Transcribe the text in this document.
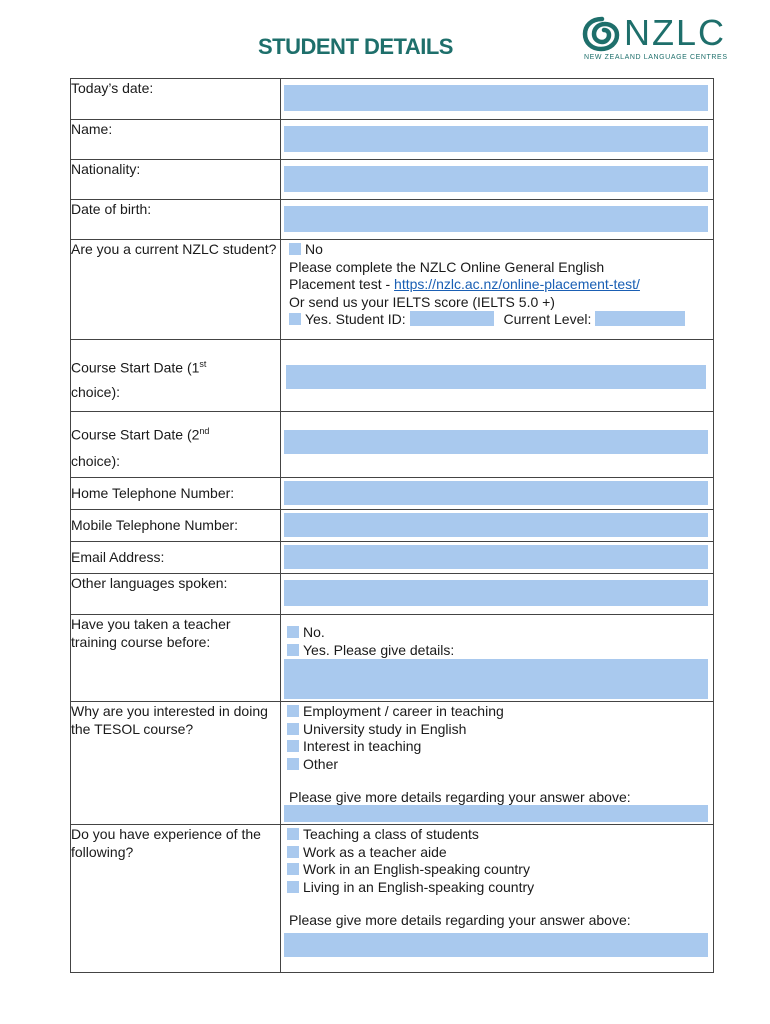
STUDENT DETAILS	NZLC
NEW ZEALAND LANGUAGE CENTRES
Today’s date:	

Name:	

Nationality:	

Date of birth:	

Are you a current NZLC student?	No
Please complete the NZLC Online General English
Placement test - https://nzlc.ac.nz/online-placement-test/
Or send us your IELTS score (IELTS 5.0 +)
Yes. Student ID: Current Level:

Course Start Date (1st
choice):	

Course Start Date (2nd
choice):	

Home Telephone Number:	

Mobile Telephone Number:	

Email Address:	

Other languages spoken:	

Have you taken a teacher training course before:	No.
Yes. Please give details:

Why are you interested in doing the TESOL course?	Employment / career in teaching
University study in English
Interest in teaching
Other
Please give more details regarding your answer above:

Do you have experience of the following?	Teaching a class of students
Work as a teacher aide
Work in an English-speaking country
Living in an English-speaking country
Please give more details regarding your answer above:
